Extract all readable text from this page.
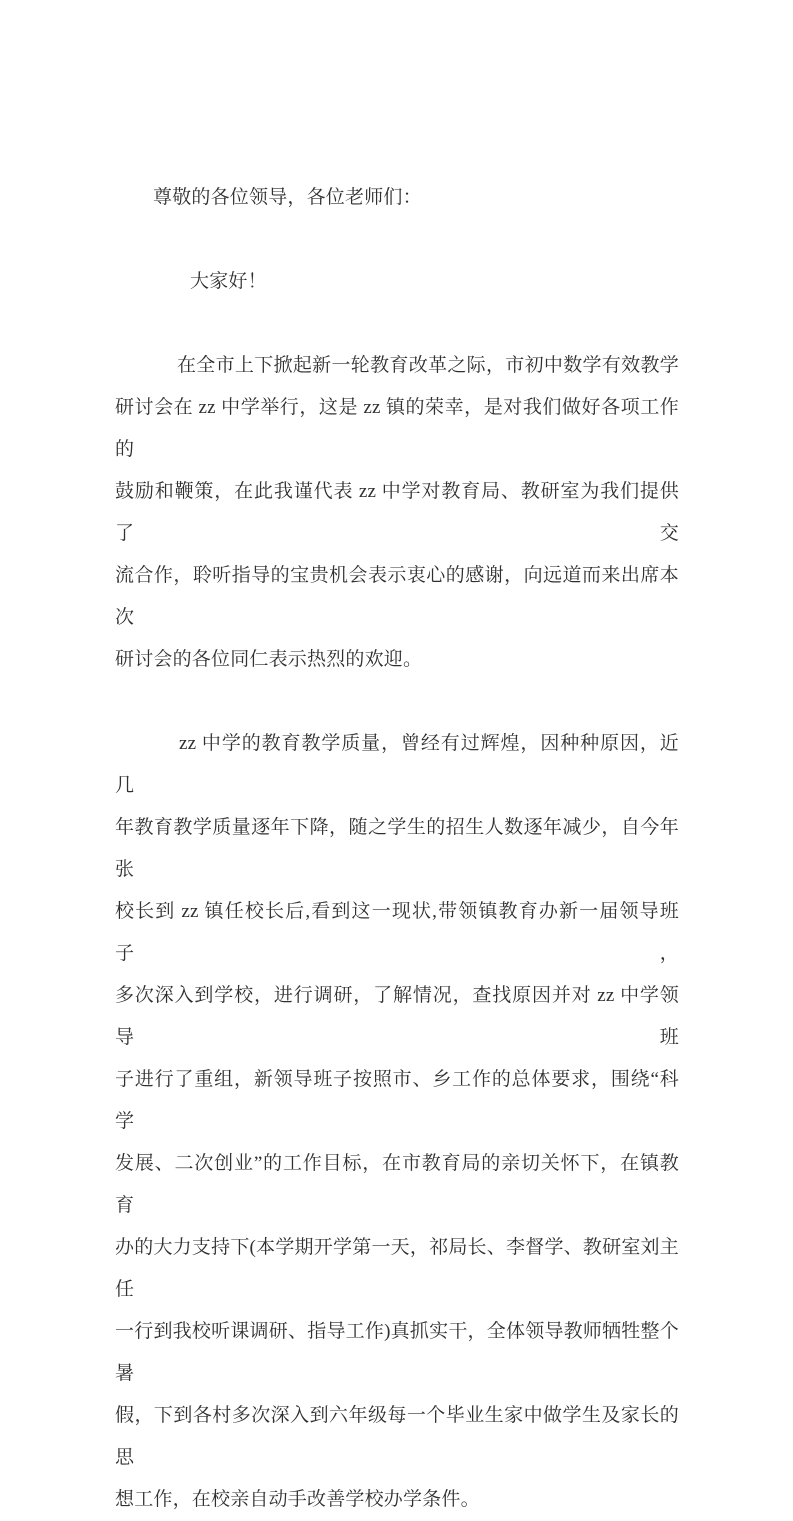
尊敬的各位领导，各位老师们：
大家好！
在全市上下掀起新一轮教育改革之际，市初中数学有效教学
研讨会在 zz 中学举行，这是 zz 镇的荣幸，是对我们做好各项工作的
鼓励和鞭策，在此我谨代表 zz 中学对教育局、教研室为我们提供了交
流合作，聆听指导的宝贵机会表示衷心的感谢，向远道而来出席本次
研讨会的各位同仁表示热烈的欢迎。
zz 中学的教育教学质量，曾经有过辉煌，因种种原因，近几
年教育教学质量逐年下降，随之学生的招生人数逐年减少，自今年张
校长到 zz 镇任校长后,看到这一现状,带领镇教育办新一届领导班子，
多次深入到学校，进行调研，了解情况，查找原因并对 zz 中学领导班
子进行了重组，新领导班子按照市、乡工作的总体要求，围绕“科学
发展、二次创业”的工作目标，在市教育局的亲切关怀下，在镇教育
办的大力支持下(本学期开学第一天，祁局长、李督学、教研室刘主任
一行到我校听课调研、指导工作)真抓实干，全体领导教师牺牲整个暑
假，下到各村多次深入到六年级每一个毕业生家中做学生及家长的思
想工作，在校亲自动手改善学校办学条件。
